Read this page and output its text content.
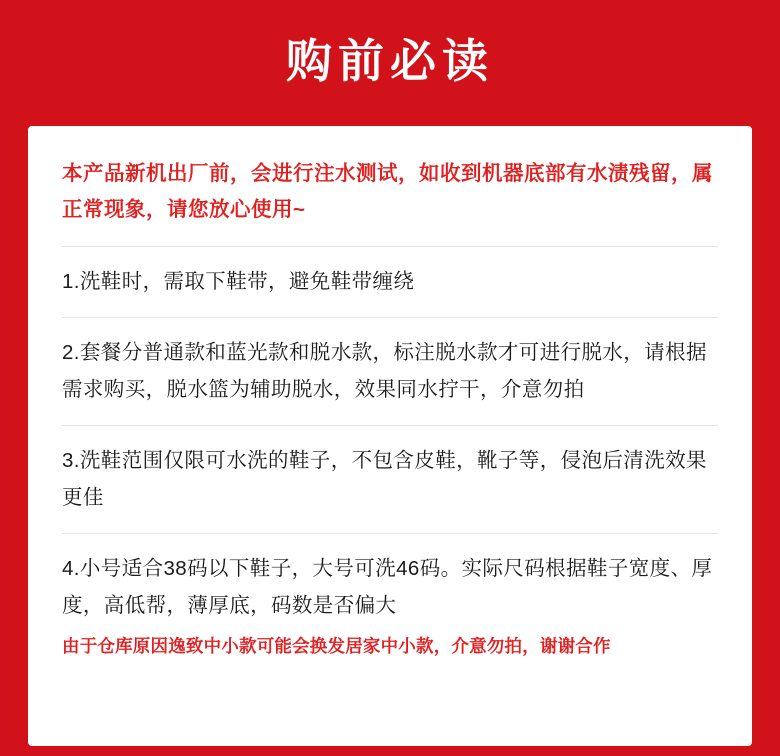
购前必读
本产品新机出厂前，会进行注水测试，如收到机器底部有水渍残留，属正常现象，请您放心使用~
1.洗鞋时，需取下鞋带，避免鞋带缠绕
2.套餐分普通款和蓝光款和脱水款，标注脱水款才可进行脱水，请根据需求购买，脱水篮为辅助脱水，效果同水拧干，介意勿拍
3.洗鞋范围仅限可水洗的鞋子，不包含皮鞋，靴子等，侵泡后清洗效果更佳
4.小号适合38码以下鞋子，大号可洗46码。实际尺码根据鞋子宽度、厚度，高低帮，薄厚底，码数是否偏大
由于仓库原因逸致中小款可能会换发居家中小款，介意勿拍，谢谢合作
